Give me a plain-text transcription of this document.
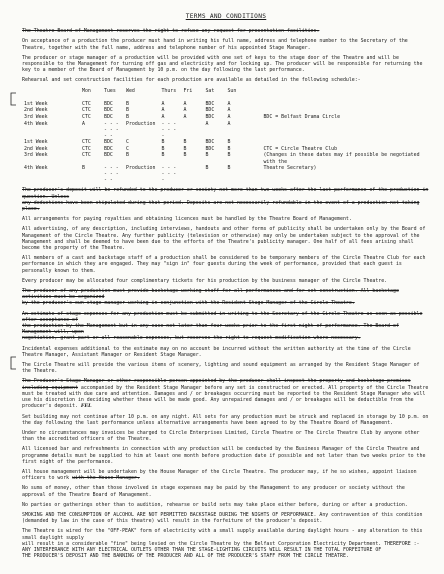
TERMS AND CONDITIONS

The Theatre Board of Management reserves the right to refuse any request for presentation facilities.

On acceptance of a production the producer must hand in writing his full name, address and telephone number to the Secretary of the Theatre, together with the full name, address and telephone number of his appointed Stage Manager.

The producer or stage manager of a production will be provided with one set of keys to the stage door of the Theatre and will be responsible to the Management for turning off gas and electricity and for locking up. The producer will be responsible for returning the key to a member of the Board of Management by 10 p.m. on the day following the last performance.

Rehearsal and set construction facilities for each production are available as detailed in the following schedule:-

	Mon	Tues	Wed	Thurs	Fri	Sat	Sun	

1st Week	CTC	BDC	B	A	A	BDC	A	
2nd Week	CTC	BDC	B	A	A	BDC	A	
3rd Week	CTC	BDC	B	A	A	BDC	A	BDC = Belfast Drama Circle
4th Week	A	- - - - - - - -	Production	- - - - - - -		A	A	
1st Week	CTC	BDC	C	B	B	BDC	B	
2nd Week	CTC	BDC	C	B	B	BDC	B	CTC = Circle Theatre Club
3rd Week	CTC	BDC	B	B	B	B	B	(Changes in these dates may if possible be negotiated with the
4th Week	B	- - - - - - - -	Production	- - - - - - -		B	B	Theatre Secretary)

The producer's deposit will be refunded to the producer or society not more than two weeks after the last performance of the production in question. Unless
any deductions have been stipulated during that period. Deposits are not necessarily refundable in the event of a production not taking place.

All arrangements for paying royalties and obtaining licences must be handled by the Theatre Board of Management.

All advertising, of any description, including interviews, handouts and other forms of publicity shall be undertaken only by the Board of Management of the Circle Theatre. Any further publicity (television or otherwise) may only be undertaken subject to the approval of the Management and shall be deemed to have been due to the efforts of the Theatre's publicity manager. One half of all fees arising shall become the property of the Theatre.

All members of a cast and backstage staff of a production shall be considered to be temporary members of the Circle Theatre Club for each performance in which they are engaged. They may "sign in" four guests during the week of performance, provided that each guest is personally known to them.

Every producer may be allocated four complimentary tickets for his production by the business manager of the Circle Theatre.

The producer of any production must provide backstage working staff for all performances and for set construction. All backstage activities must be organized
by the producer's own stage manager working in conjunction with the Resident Stage Manager of the Circle Theatre.

An estimate of stage expenses for any production must be submitted in writing to the Secretary of the Circle Theatre as soon as possible after acceptance of
the production by the Management but in any case not later than four weeks prior to the first night of performance. The Board of Management will, upon
negotiation, grant part or all reasonable expenses, but reserves the right to request modification where necessary.

Incidental expenses additional to the estimate may on no account be incurred without the written authority at the time of the Circle Theatre Manager, Assistant Manager or Resident Stage Manager.

The Circle Theatre will provide the various items of scenery, lighting and sound equipment as arranged by the Resident Stage Manager of the Theatre.

The Producer's Stage Manager or other responsible person appointed by the producer shall inspect the property and backstage premises including equipment accompanied by the Resident Stage Manager before any set is constructed or erected. All property of the Circle Theatre must be treated with due care and attention. Damages and / or breakages occurring must be reported to the Resident Stage Manager who will use his discretion in deciding whether these will be made good. Any unrepaired damages and / or breakages will be deductible from the producer's deposit. FEL

Set building may not continue after 10 p.m. on any night. All sets for any production must be struck and replaced in storage by 10 p.m. on the day following the last performance unless alternative arrangements have been agreed to by the Theatre Board of Management.

Under no circumstances may invoices be charged to Circle Enterprises Limited, Circle Theatre or The Circle Theatre Club by anyone other than the accredited officers of the Theatre.

All licensed bar and refreshments in connection with any production will be conducted by the Business Manager of the Circle Theatre and programme details must be supplied to him at least one month before production date if possible and not later than two weeks prior to the first night of the performance.

All house management will be undertaken by the House Manager of the Circle Theatre. The producer may, if he so wishes, appoint liaison officers to work with the House Manager.

No sums of money, other than those involved in stage expenses may be paid by the Management to any producer or society without the approval of the Theatre Board of Management.

No parties or gatherings other than to audition, rehearse or build sets may take place either before, during or after a production.

SMOKING AND THE CONSUMPTION OF ALCOHOL ARE NOT PERMITTED BACKSTAGE DURING THE NIGHTS OF PERFORMANCE. Any contravention of this condition (demanded by law in the case of this theatre) will result in the forfeiture of the producer's deposit.

The Theatre is wired for the "OFF-PEAK" form of electricity with a small supply available during daylight hours - any alteration to this small daylight supply
will result in a considerable "fine" being levied on the Circle Theatre by the Belfast Corporation Electricity Department. THEREFORE :-
ANY INTERFERANCE WITH ANY ELECTRICAL OUTLETS OTHER THAN THE STAGE-LIGHTING CIRCUITS WILL RESULT IN THE TOTAL FORFEITURE OF
THE PRODUCER'S DEPOSIT AND THE BANNING OF THE PRODUCER AND ALL OF THE PRODUCER'S STAFF FROM THE CIRCLE THEATRE.
